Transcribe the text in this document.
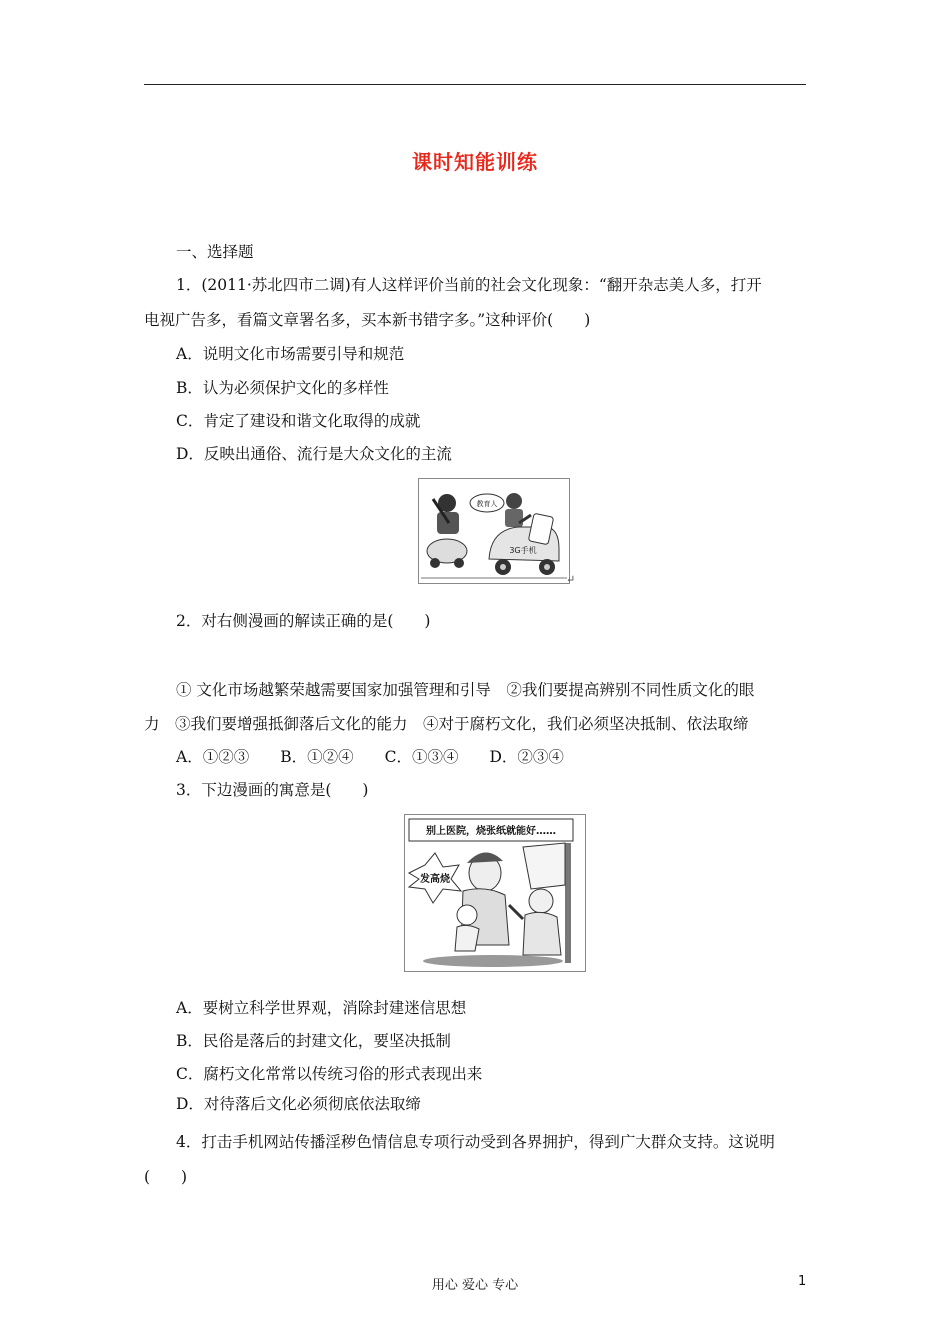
课时知能训练
一、选择题
1．(2011·苏北四市二调)有人这样评价当前的社会文化现象：“翻开杂志美人多，打开
电视广告多，看篇文章署名多，买本新书错字多。”这种评价(　　)
A．说明文化市场需要引导和规范
B．认为必须保护文化的多样性
C．肯定了建设和谐文化取得的成就
D．反映出通俗、流行是大众文化的主流
教育人
3G手机
↵
2．对右侧漫画的解读正确的是(　　)
① 文化市场越繁荣越需要国家加强管理和引导　②我们要提高辨别不同性质文化的眼
力　③我们要增强抵御落后文化的能力　④对于腐朽文化，我们必须坚决抵制、依法取缔
A．①②③　　B．①②④　　C．①③④　　D．②③④
3．下边漫画的寓意是(　　)
别上医院，烧张纸就能好……
发高烧
A．要树立科学世界观，消除封建迷信思想
B．民俗是落后的封建文化，要坚决抵制
C．腐朽文化常常以传统习俗的形式表现出来
D．对待落后文化必须彻底依法取缔
4．打击手机网站传播淫秽色情信息专项行动受到各界拥护，得到广大群众支持。这说明
(　　)
用心 爱心 专心	1
